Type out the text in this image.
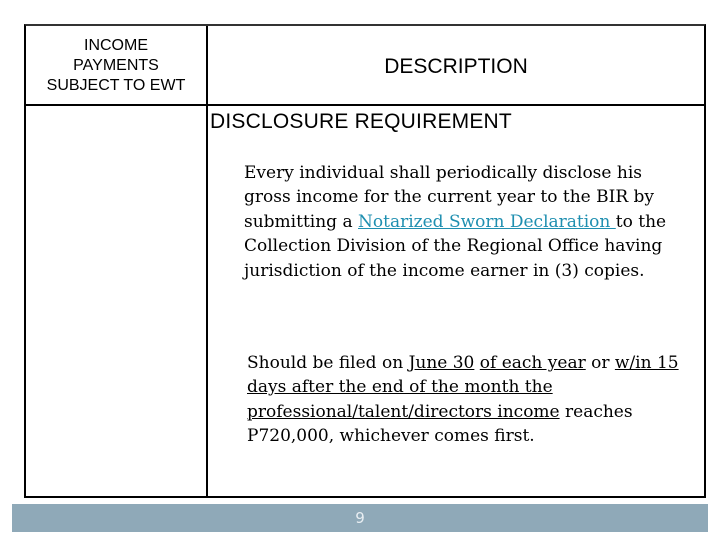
INCOME
PAYMENTS
SUBJECT TO EWT
DESCRIPTION
DISCLOSURE REQUIREMENT
Every individual shall periodically disclose his gross income for the current year to the BIR by submitting a Notarized Sworn Declaration to the Collection Division of the Regional Office having jurisdiction of the income earner in (3) copies.
Should be filed on June 30 of each year or w/in 15 days after the end of the month the professional/talent/directors income reaches P720,000, whichever comes first.
9
